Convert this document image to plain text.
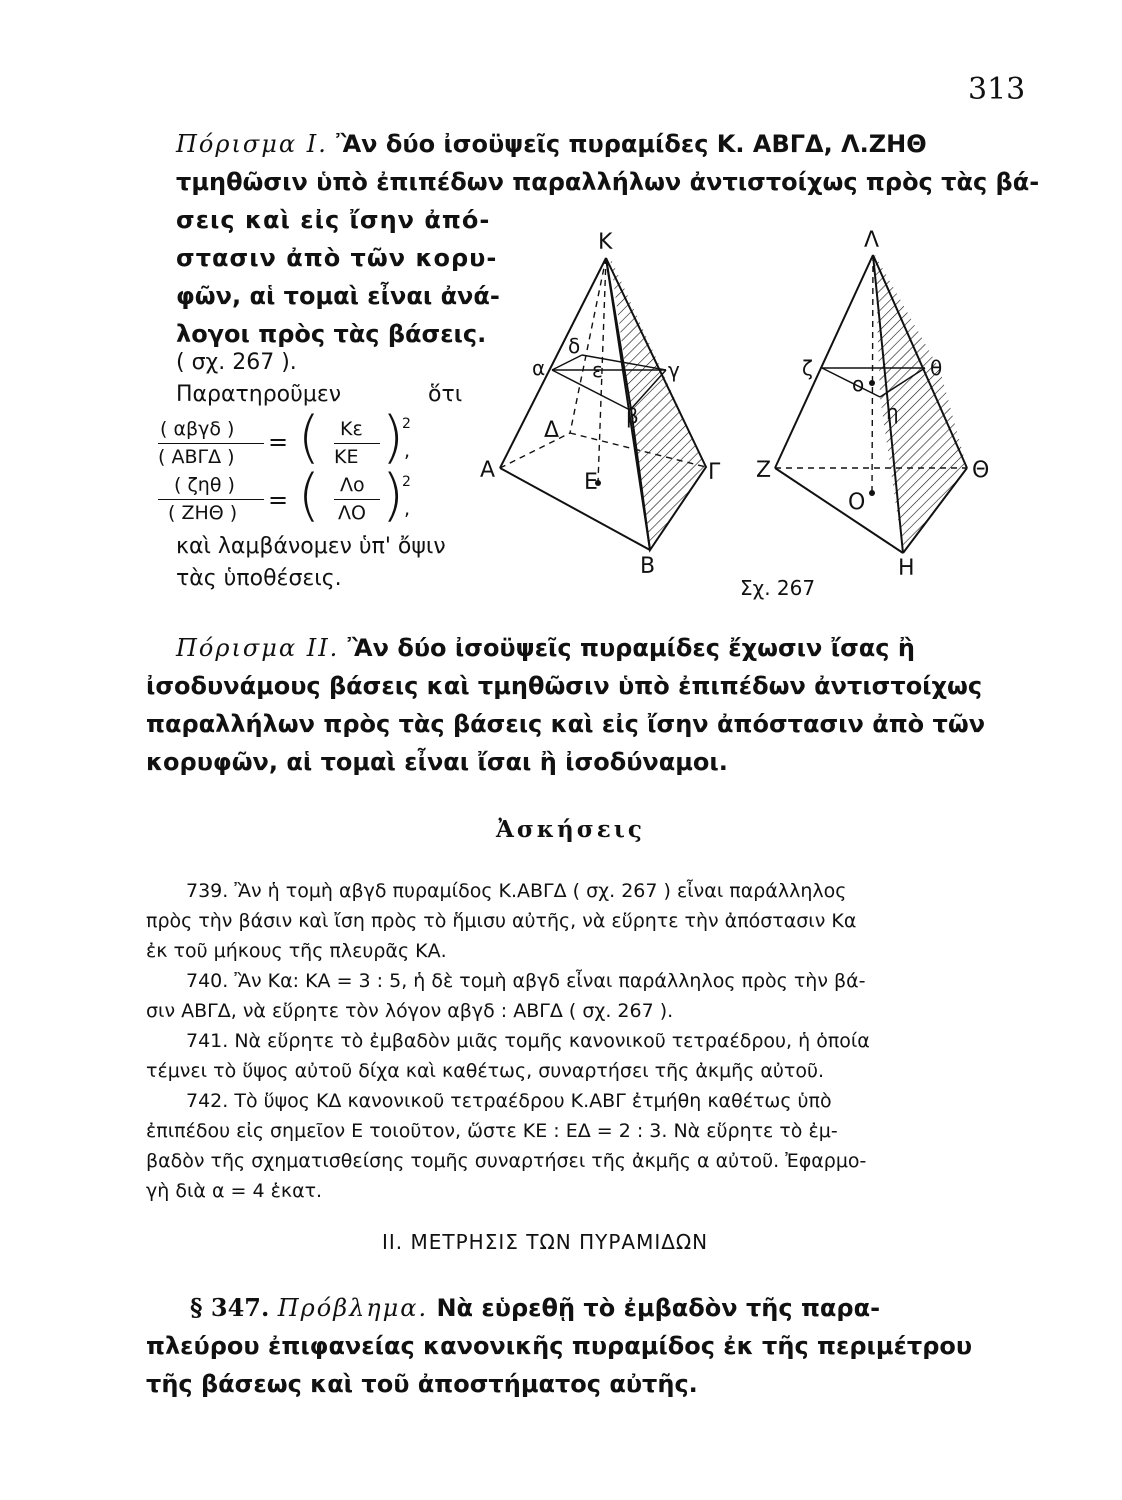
313
Πόρισμα I. Ἂν δύο ἰσοϋψεῖς πυραμίδες Κ. ΑΒΓΔ, Λ.ΖΗΘ
τμηθῶσιν ὑπὸ ἐπιπέδων παραλλήλων ἀντιστοίχως πρὸς τὰς βά-
σεις καὶ εἰς ἴσην ἀπό-
στασιν ἀπὸ τῶν κορυ-
φῶν, αἱ τομαὶ εἶναι ἀνά-
λογοι πρὸς τὰς βάσεις.
( σχ. 267 ).
Παρατηροῦμεν	ὅτι
( αβγδ )
( ΑΒΓΔ )
= ( Κε
ΚΕ )
2
,
( ζηθ )
( ΖΗΘ ) = ( Λο
ΛΟ )
2
,
καὶ λαμβάνομεν ὑπ' ὄψιν
τὰς ὑποθέσεις.
Κ
α
δ
ε	γ
β
Δ
Α	Ε	Γ
Β
Λ
ζ
ο
θ
η
Ζ
Ο
Θ
Η
Σχ. 267
Πόρισμα II. Ἂν δύο ἰσοϋψεῖς πυραμίδες ἔχωσιν ἴσας ἢ
ἰσοδυνάμους βάσεις καὶ τμηθῶσιν ὑπὸ ἐπιπέδων ἀντιστοίχως
παραλλήλων πρὸς τὰς βάσεις καὶ εἰς ἴσην ἀπόστασιν ἀπὸ τῶν
κορυφῶν, αἱ τομαὶ εἶναι ἴσαι ἢ ἰσοδύναμοι.
Ἀσκήσεις
739. Ἂν ἡ τομὴ αβγδ πυραμίδος Κ.ΑΒΓΔ ( σχ. 267 ) εἶναι παράλληλος
πρὸς τὴν βάσιν καὶ ἴση πρὸς τὸ ἥμισυ αὐτῆς, νὰ εὕρητε τὴν ἀπόστασιν Κα
ἐκ τοῦ μήκους τῆς πλευρᾶς ΚΑ.
740. Ἂν Κα: ΚΑ = 3 : 5, ἡ δὲ τομὴ αβγδ εἶναι παράλληλος πρὸς τὴν βά-
σιν ΑΒΓΔ, νὰ εὕρητε τὸν λόγον αβγδ : ΑΒΓΔ ( σχ. 267 ).
741. Νὰ εὕρητε τὸ ἐμβαδὸν μιᾶς τομῆς κανονικοῦ τετραέδρου, ἡ ὁποία
τέμνει τὸ ὕψος αὐτοῦ δίχα καὶ καθέτως, συναρτήσει τῆς ἀκμῆς αὐτοῦ.
742. Τὸ ὕψος ΚΔ κανονικοῦ τετραέδρου Κ.ΑΒΓ ἐτμήθη καθέτως ὑπὸ
ἐπιπέδου εἰς σημεῖον Ε τοιοῦτον, ὥστε ΚΕ : ΕΔ = 2 : 3. Νὰ εὕρητε τὸ ἐμ-
βαδὸν τῆς σχηματισθείσης τομῆς συναρτήσει τῆς ἀκμῆς α αὐτοῦ. Ἐφαρμο-
γὴ διὰ α = 4 ἑκατ.
ΙΙ. ΜΕΤΡΗΣΙΣ ΤΩΝ ΠΥΡΑΜΙΔΩΝ
§ 347. Πρόβλημα. Νὰ εὑρεθῇ τὸ ἐμβαδὸν τῆς παρα-
πλεύρου ἐπιφανείας κανονικῆς πυραμίδος ἐκ τῆς περιμέτρου
τῆς βάσεως καὶ τοῦ ἀποστήματος αὐτῆς.
